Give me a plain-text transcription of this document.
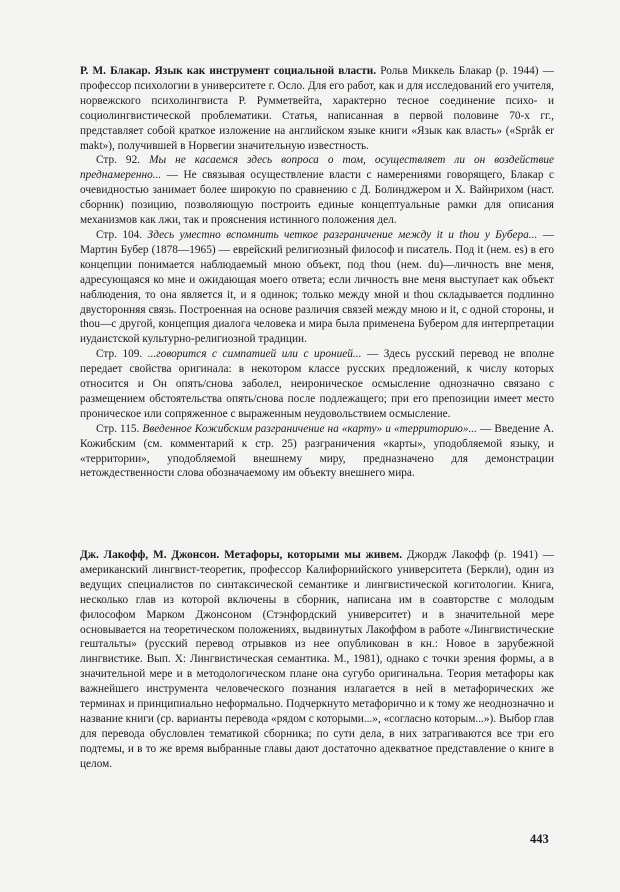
Р. М. Блакар. Язык как инструмент социальной власти. Рольв Миккель Блакар (р. 1944) — профессор психологии в университете г. Осло. Для его работ, как и для исследований его учителя, норвежского психолингвиста Р. Румметвейта, характерно тесное соединение психо- и социолингвистической проблематики. Статья, написанная в первой половине 70-х гг., представляет собой краткое изложение на английском языке книги «Язык как власть» («Språk er makt»), получившей в Норвегии значительную известность.

Стр. 92. Мы не касаемся здесь вопроса о том, осуществляет ли он воздействие преднамеренно... — Не связывая осуществление власти с намерениями говорящего, Блакар с очевидностью занимает более широкую по сравнению с Д. Болинджером и Х. Вайнрихом (наст. сборник) позицию, позволяющую построить единые концептуальные рамки для описания механизмов как лжи, так и прояснения истинного положения дел.

Стр. 104. Здесь уместно вспомнить четкое разграничение между it и thou у Бубера... — Мартин Бубер (1878—1965) — еврейский религиозный философ и писатель. Под it (нем. es) в его концепции понимается наблюдаемый мною объект, под thou (нем. du)—личность вне меня, адресующаяся ко мне и ожидающая моего ответа; если личность вне меня выступает как объект наблюдения, то она является it, и я одинок; только между мной и thou складывается подлинно двусторонняя связь. Построенная на основе различия связей между мною и it, с одной стороны, и thou—с другой, концепция диалога человека и мира была применена Бубером для интерпретации иудаистской культурно-религиозной традиции.

Стр. 109. ...говорится с симпатией или с иронией... — Здесь русский перевод не вполне передает свойства оригинала: в некотором классе русских предложений, к числу которых относится и Он опять/снова заболел, неироническое осмысление однозначно связано с размещением обстоятельства опять/снова после подлежащего; при его препозиции имеет место проническое или сопряженное с выраженным неудовольствием осмысление.

Стр. 115. Введенное Кожибским разграничение на «карту» и «территорию»... — Введение А. Кожибским (см. комментарий к стр. 25) разграничения «карты», уподобляемой языку, и «территории», уподобляемой внешнему миру, предназначено для демонстрации нетождественности слова обозначаемому им объекту внешнего мира.

Дж. Лакофф, М. Джонсон. Метафоры, которыми мы живем. Джордж Лакофф (р. 1941) — американский лингвист-теоретик, профессор Калифорнийского университета (Беркли), один из ведущих специалистов по синтаксической семантике и лингвистической когитологии. Книга, несколько глав из которой включены в сборник, написана им в соавторстве с молодым философом Марком Джонсоном (Стэнфордский университет) и в значительной мере основывается на теоретическом положениях, выдвинутых Лакоффом в работе «Лингвистические гештальты» (русский перевод отрывков из нее опубликован в кн.: Новое в зарубежной лингвистике. Вып. X: Лингвистическая семантика. М., 1981), однако с точки зрения формы, а в значительной мере и в методологическом плане она сугубо оригинальна. Теория метафоры как важнейшего инструмента человеческого познания излагается в ней в метафорических же терминах и принципиально неформально. Подчеркнуто метафорично и к тому же неоднозначно и название книги (ср. варианты перевода «рядом с которыми...», «согласно которым...»). Выбор глав для перевода обусловлен тематикой сборника; по сути дела, в них затрагиваются все три его подтемы, и в то же время выбранные главы дают достаточно адекватное представление о книге в целом.

443
